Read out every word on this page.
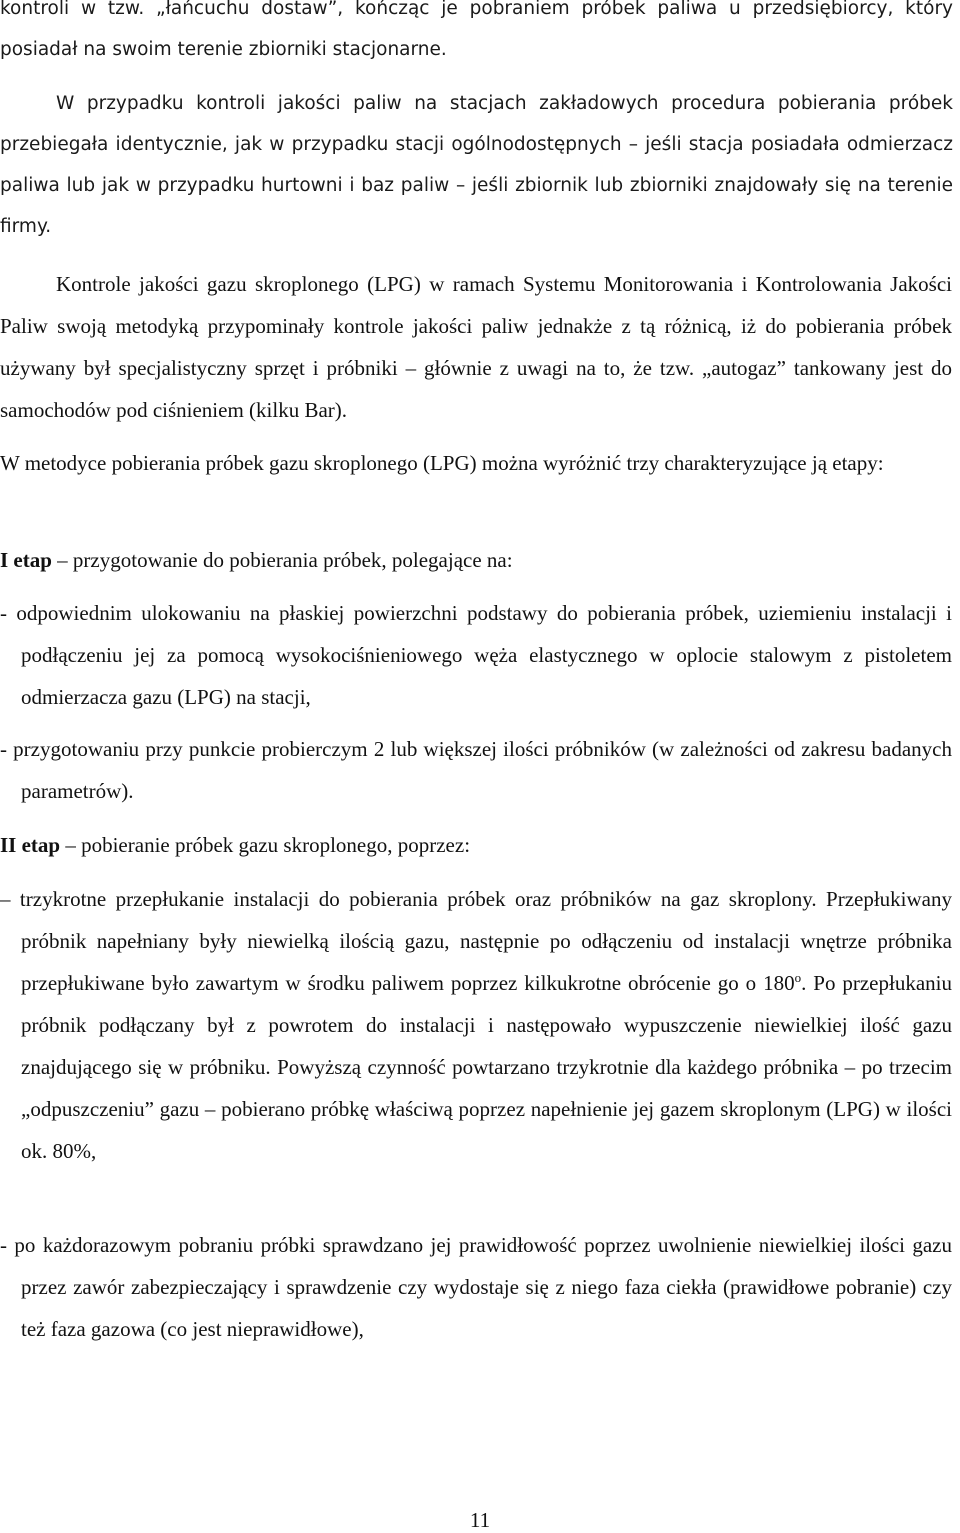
kontroli w tzw. „łańcuchu dostaw”, kończąc je pobraniem próbek paliwa u przedsiębiorcy, który posiadał na swoim terenie zbiorniki stacjonarne.

W przypadku kontroli jakości paliw na stacjach zakładowych procedura pobierania próbek przebiegała identycznie, jak w przypadku stacji ogólnodostępnych – jeśli stacja posiadała odmierzacz paliwa lub jak w przypadku hurtowni i baz paliw – jeśli zbiornik lub zbiorniki znajdowały się na terenie firmy.

Kontrole jakości gazu skroplonego (LPG) w ramach Systemu Monitorowania i Kontrolowania Jakości Paliw swoją metodyką przypominały kontrole jakości paliw jednakże z tą różnicą, iż do pobierania próbek używany był specjalistyczny sprzęt i próbniki – głównie z uwagi na to, że tzw. „autogaz” tankowany jest do samochodów pod ciśnieniem (kilku Bar).

W metodyce pobierania próbek gazu skroplonego (LPG) można wyróżnić trzy charakteryzujące ją etapy:

I etap – przygotowanie do pobierania próbek, polegające na:

- odpowiednim ulokowaniu na płaskiej powierzchni podstawy do pobierania próbek, uziemieniu instalacji i podłączeniu jej za pomocą wysokociśnieniowego węża elastycznego w oplocie stalowym z pistoletem odmierzacza gazu (LPG) na stacji,

- przygotowaniu przy punkcie probierczym 2 lub większej ilości próbników (w zależności od zakresu badanych parametrów).

II etap – pobieranie próbek gazu skroplonego, poprzez:

– trzykrotne przepłukanie instalacji do pobierania próbek oraz próbników na gaz skroplony. Przepłukiwany próbnik napełniany były niewielką ilością gazu, następnie po odłączeniu od instalacji wnętrze próbnika przepłukiwane było zawartym w środku paliwem poprzez kilkukrotne obrócenie go o 180$^o$. Po przepłukaniu próbnik podłączany był z powrotem do instalacji i następowało wypuszczenie niewielkiej ilość gazu znajdującego się w próbniku. Powyższą czynność powtarzano trzykrotnie dla każdego próbnika – po trzecim „odpuszczeniu” gazu – pobierano próbkę właściwą poprzez napełnienie jej gazem skroplonym (LPG) w ilości ok. 80%,

- po każdorazowym pobraniu próbki sprawdzano jej prawidłowość poprzez uwolnienie niewielkiej ilości gazu przez zawór zabezpieczający i sprawdzenie czy wydostaje się z niego faza ciekła (prawidłowe pobranie) czy też faza gazowa (co jest nieprawidłowe),

11
